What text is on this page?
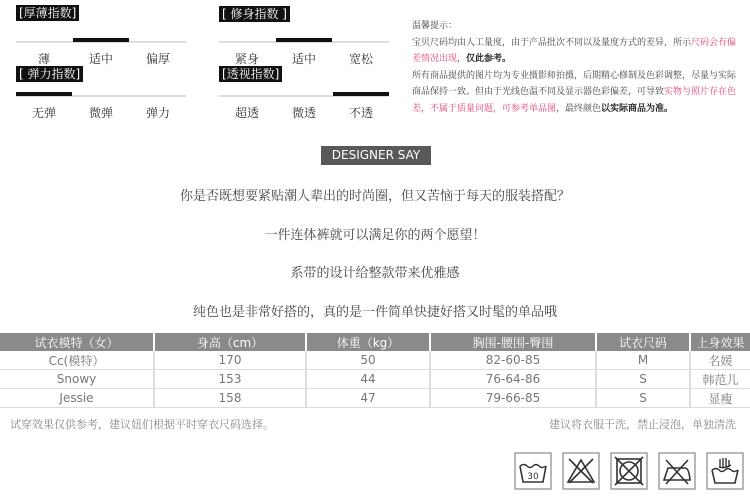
[厚薄指数]
薄	适中	偏厚
[ 修身指数 ]
紧身	适中	宽松
[ 弹力指数]
无弹	微弹	弹力
[透视指数]
超透	微透	不透
温馨提示：
宝贝尺码均由人工量度，由于产品批次不同以及量度方式的差异，所示尺码会有偏差情况出现，仅此参考。
所有商品提供的图片均为专业摄影师拍摄，后期精心修制及色彩调整，尽量与实际商品保持一致。但由于光线色温不同及显示器色彩偏差，可导致实物与照片存在色差，不属于质量问题，可参考单品图，最终颜色以实际商品为准。
DESIGNER SAY
你是否既想要紧贴潮人辈出的时尚圈，但又苦恼于每天的服装搭配？
一件连体裤就可以满足你的两个愿望！
系带的设计给整款带来优雅感
纯色也是非常好搭的，真的是一件简单快捷好搭又时髦的单品哦
试衣模特（女）	身高（cm）	体重（kg）	胸围-腰围-臀围	试衣尺码	上身效果
Cc(模特）	170	50	82-60-85	M	名媛
Snowy	153	44	76-64-86	S	韩范儿
Jessie	158	47	79-66-85	S	显瘦
试穿效果仅供参考，建议妞们根据平时穿衣尺码选择。	建议将衣服干洗，禁止浸泡，单独清洗
30
